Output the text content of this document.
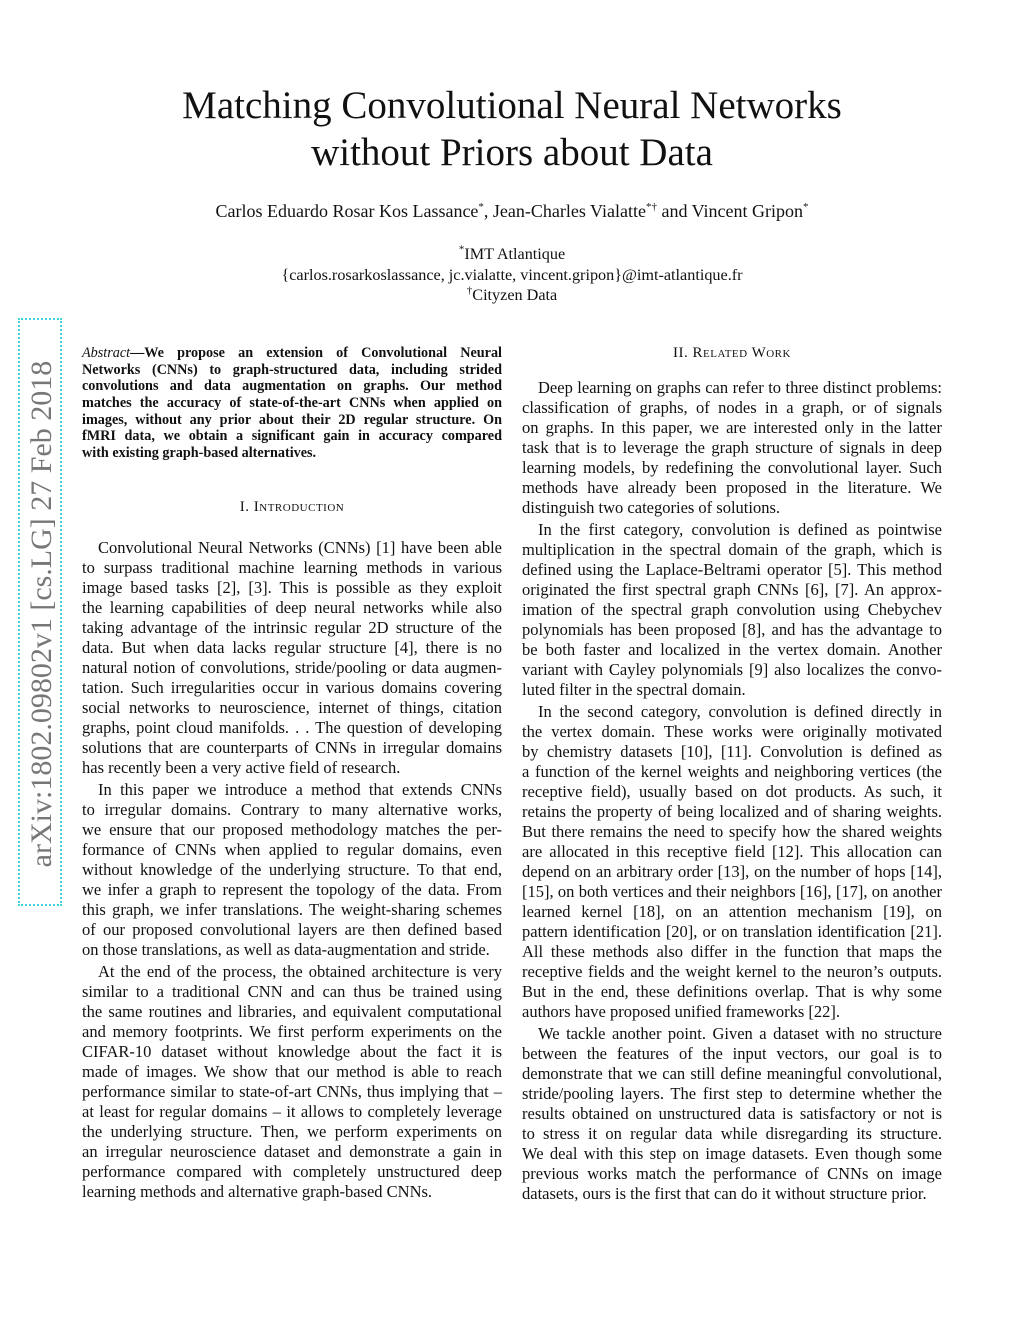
arXiv:1802.09802v1 [cs.LG] 27 Feb 2018
Matching Convolutional Neural Networks
without Priors about Data
Carlos Eduardo Rosar Kos Lassance*, Jean-Charles Vialatte*† and Vincent Gripon*
*IMT Atlantique
{carlos.rosarkoslassance, jc.vialatte, vincent.gripon}@imt-atlantique.fr
†Cityzen Data
Abstract—We propose an extension of Convolutional Neural
Networks (CNNs) to graph-structured data, including strided
convolutions and data augmentation on graphs. Our method
matches the accuracy of state-of-the-art CNNs when applied on
images, without any prior about their 2D regular structure. On
fMRI data, we obtain a significant gain in accuracy compared
with existing graph-based alternatives.
I. Introduction
Convolutional Neural Networks (CNNs) [1] have been able
to surpass traditional machine learning methods in various
image based tasks [2], [3]. This is possible as they exploit
the learning capabilities of deep neural networks while also
taking advantage of the intrinsic regular 2D structure of the
data. But when data lacks regular structure [4], there is no
natural notion of convolutions, stride/pooling or data augmen-
tation. Such irregularities occur in various domains covering
social networks to neuroscience, internet of things, citation
graphs, point cloud manifolds. . . The question of developing
solutions that are counterparts of CNNs in irregular domains
has recently been a very active field of research.
In this paper we introduce a method that extends CNNs
to irregular domains. Contrary to many alternative works,
we ensure that our proposed methodology matches the per-
formance of CNNs when applied to regular domains, even
without knowledge of the underlying structure. To that end,
we infer a graph to represent the topology of the data. From
this graph, we infer translations. The weight-sharing schemes
of our proposed convolutional layers are then defined based
on those translations, as well as data-augmentation and stride.
At the end of the process, the obtained architecture is very
similar to a traditional CNN and can thus be trained using
the same routines and libraries, and equivalent computational
and memory footprints. We first perform experiments on the
CIFAR-10 dataset without knowledge about the fact it is
made of images. We show that our method is able to reach
performance similar to state-of-art CNNs, thus implying that –
at least for regular domains – it allows to completely leverage
the underlying structure. Then, we perform experiments on
an irregular neuroscience dataset and demonstrate a gain in
performance compared with completely unstructured deep
learning methods and alternative graph-based CNNs.
II. Related Work
Deep learning on graphs can refer to three distinct problems:
classification of graphs, of nodes in a graph, or of signals
on graphs. In this paper, we are interested only in the latter
task that is to leverage the graph structure of signals in deep
learning models, by redefining the convolutional layer. Such
methods have already been proposed in the literature. We
distinguish two categories of solutions.
In the first category, convolution is defined as pointwise
multiplication in the spectral domain of the graph, which is
defined using the Laplace-Beltrami operator [5]. This method
originated the first spectral graph CNNs [6], [7]. An approx-
imation of the spectral graph convolution using Chebychev
polynomials has been proposed [8], and has the advantage to
be both faster and localized in the vertex domain. Another
variant with Cayley polynomials [9] also localizes the convo-
luted filter in the spectral domain.
In the second category, convolution is defined directly in
the vertex domain. These works were originally motivated
by chemistry datasets [10], [11]. Convolution is defined as
a function of the kernel weights and neighboring vertices (the
receptive field), usually based on dot products. As such, it
retains the property of being localized and of sharing weights.
But there remains the need to specify how the shared weights
are allocated in this receptive field [12]. This allocation can
depend on an arbitrary order [13], on the number of hops [14],
[15], on both vertices and their neighbors [16], [17], on another
learned kernel [18], on an attention mechanism [19], on
pattern identification [20], or on translation identification [21].
All these methods also differ in the function that maps the
receptive fields and the weight kernel to the neuron’s outputs.
But in the end, these definitions overlap. That is why some
authors have proposed unified frameworks [22].
We tackle another point. Given a dataset with no structure
between the features of the input vectors, our goal is to
demonstrate that we can still define meaningful convolutional,
stride/pooling layers. The first step to determine whether the
results obtained on unstructured data is satisfactory or not is
to stress it on regular data while disregarding its structure.
We deal with this step on image datasets. Even though some
previous works match the performance of CNNs on image
datasets, ours is the first that can do it without structure prior.
